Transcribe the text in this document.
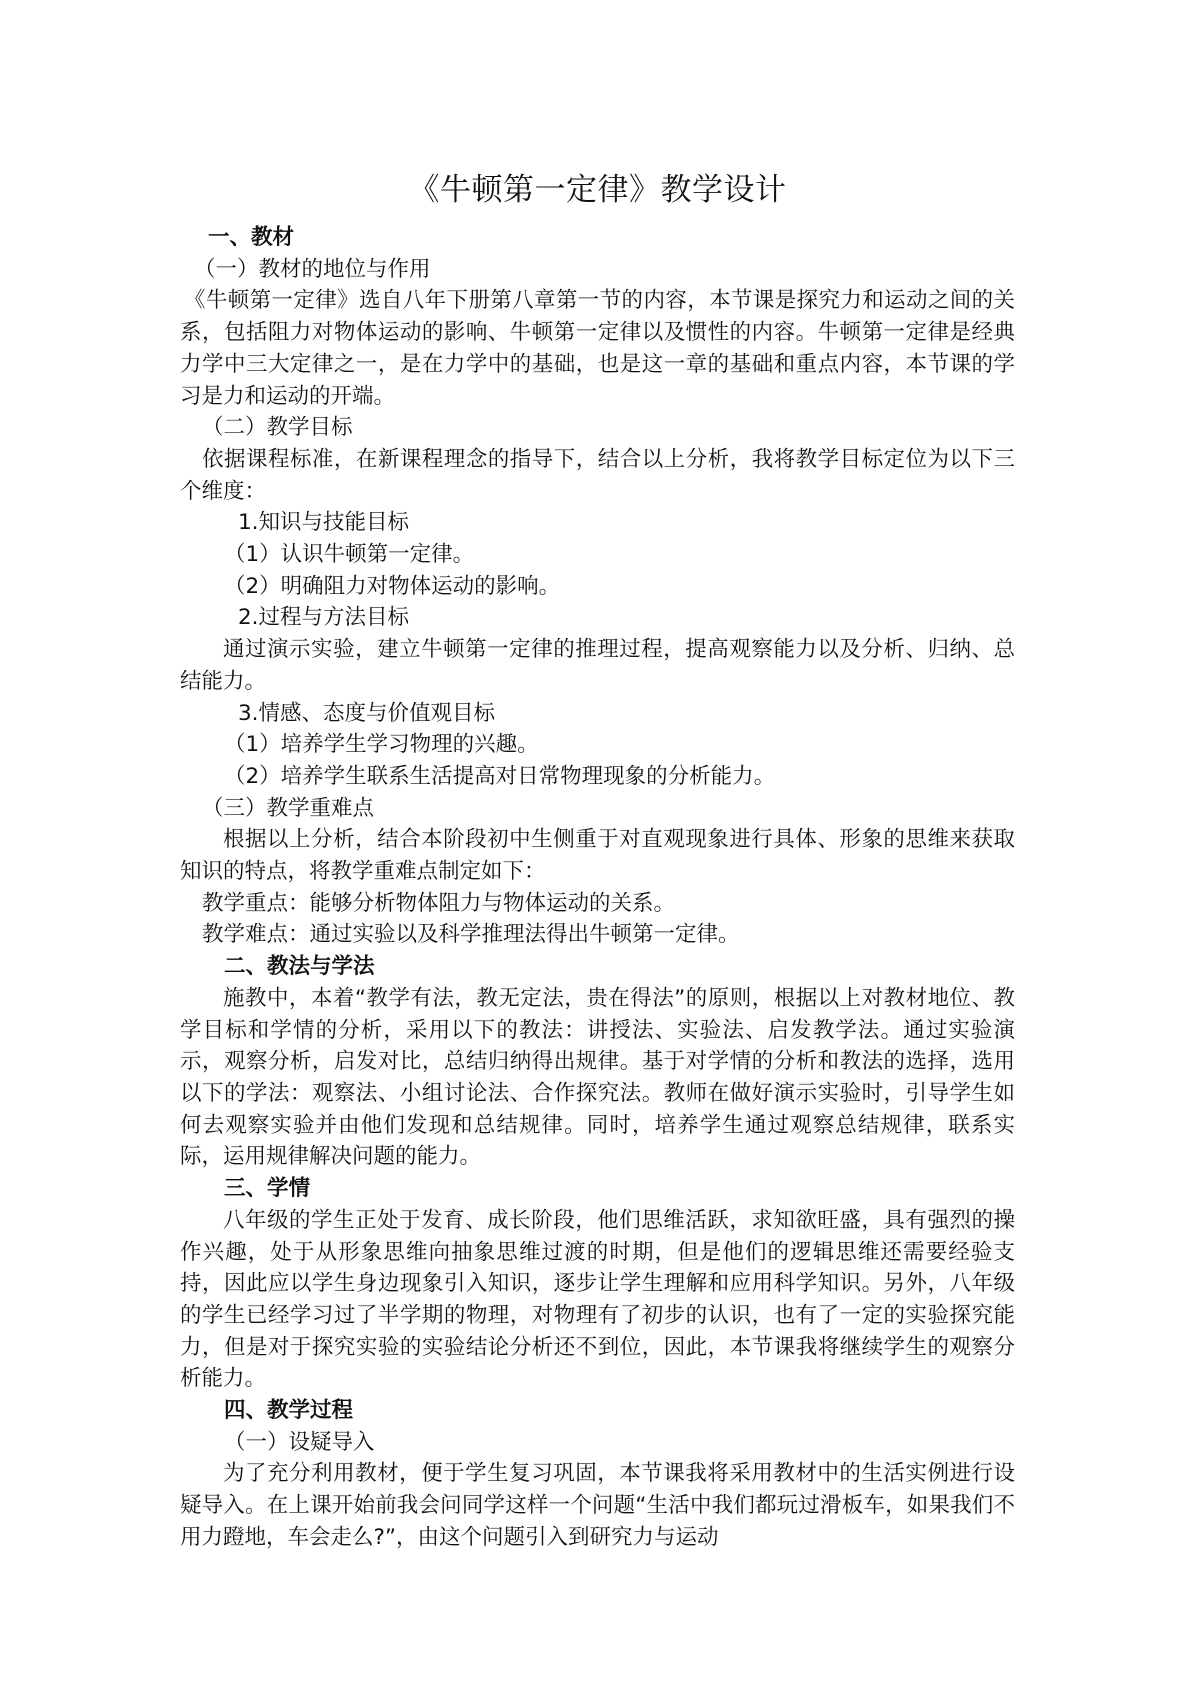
《牛顿第一定律》教学设计

一、教材

（一）教材的地位与作用

《牛顿第一定律》选自八年下册第八章第一节的内容，本节课是探究力和运动之间的关系，包括阻力对物体运动的影响、牛顿第一定律以及惯性的内容。牛顿第一定律是经典力学中三大定律之一，是在力学中的基础，也是这一章的基础和重点内容，本节课的学习是力和运动的开端。

（二）教学目标

依据课程标准，在新课程理念的指导下，结合以上分析，我将教学目标定位为以下三个维度：

1.知识与技能目标

（1）认识牛顿第一定律。

（2）明确阻力对物体运动的影响。

2.过程与方法目标

通过演示实验，建立牛顿第一定律的推理过程，提高观察能力以及分析、归纳、总结能力。

3.情感、态度与价值观目标

（1）培养学生学习物理的兴趣。

（2）培养学生联系生活提高对日常物理现象的分析能力。

（三）教学重难点

根据以上分析，结合本阶段初中生侧重于对直观现象进行具体、形象的思维来获取知识的特点，将教学重难点制定如下：

教学重点：能够分析物体阻力与物体运动的关系。

教学难点：通过实验以及科学推理法得出牛顿第一定律。

二、教法与学法

施教中，本着“教学有法，教无定法，贵在得法”的原则，根据以上对教材地位、教学目标和学情的分析，采用以下的教法：讲授法、实验法、启发教学法。通过实验演示，观察分析，启发对比，总结归纳得出规律。基于对学情的分析和教法的选择，选用以下的学法：观察法、小组讨论法、合作探究法。教师在做好演示实验时，引导学生如何去观察实验并由他们发现和总结规律。同时，培养学生通过观察总结规律，联系实际，运用规律解决问题的能力。

三、学情

八年级的学生正处于发育、成长阶段，他们思维活跃，求知欲旺盛，具有强烈的操作兴趣，处于从形象思维向抽象思维过渡的时期，但是他们的逻辑思维还需要经验支持，因此应以学生身边现象引入知识，逐步让学生理解和应用科学知识。另外，八年级的学生已经学习过了半学期的物理，对物理有了初步的认识，也有了一定的实验探究能力，但是对于探究实验的实验结论分析还不到位，因此，本节课我将继续学生的观察分析能力。

四、教学过程

（一）设疑导入

为了充分利用教材，便于学生复习巩固，本节课我将采用教材中的生活实例进行设疑导入。在上课开始前我会问同学这样一个问题“生活中我们都玩过滑板车，如果我们不用力蹬地，车会走么?”，由这个问题引入到研究力与运动
